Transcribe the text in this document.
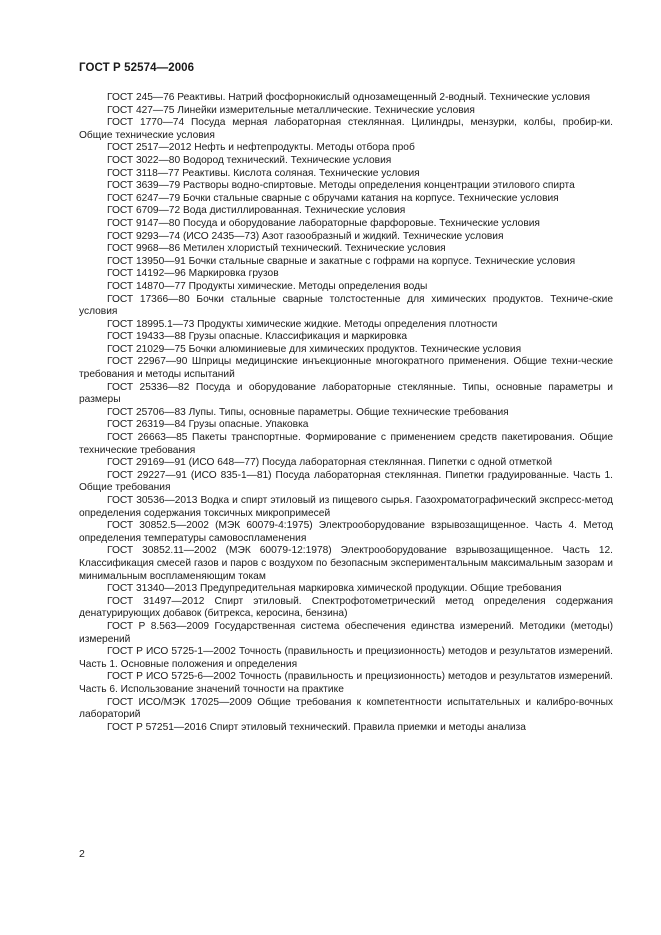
ГОСТ Р 52574—2006

ГОСТ 245—76 Реактивы. Натрий фосфорнокислый однозамещенный 2-водный. Технические условия

ГОСТ 427—75 Линейки измерительные металлические. Технические условия

ГОСТ 1770—74 Посуда мерная лабораторная стеклянная. Цилиндры, мензурки, колбы, пробир-ки. Общие технические условия

ГОСТ 2517—2012 Нефть и нефтепродукты. Методы отбора проб

ГОСТ 3022—80 Водород технический. Технические условия

ГОСТ 3118—77 Реактивы. Кислота соляная. Технические условия

ГОСТ 3639—79 Растворы водно-спиртовые. Методы определения концентрации этилового спирта

ГОСТ 6247—79 Бочки стальные сварные с обручами катания на корпусе. Технические условия

ГОСТ 6709—72 Вода дистиллированная. Технические условия

ГОСТ 9147—80 Посуда и оборудование лабораторные фарфоровые. Технические условия

ГОСТ 9293—74 (ИСО 2435—73) Азот газообразный и жидкий. Технические условия

ГОСТ 9968—86 Метилен хлористый технический. Технические условия

ГОСТ 13950—91 Бочки стальные сварные и закатные с гофрами на корпусе. Технические условия

ГОСТ 14192—96 Маркировка грузов

ГОСТ 14870—77 Продукты химические. Методы определения воды

ГОСТ 17366—80 Бочки стальные сварные толстостенные для химических продуктов. Техниче-ские условия

ГОСТ 18995.1—73 Продукты химические жидкие. Методы определения плотности

ГОСТ 19433—88 Грузы опасные. Классификация и маркировка

ГОСТ 21029—75 Бочки алюминиевые для химических продуктов. Технические условия

ГОСТ 22967—90 Шприцы медицинские инъекционные многократного применения. Общие техни-ческие требования и методы испытаний

ГОСТ 25336—82 Посуда и оборудование лабораторные стеклянные. Типы, основные параметры и размеры

ГОСТ 25706—83 Лупы. Типы, основные параметры. Общие технические требования

ГОСТ 26319—84 Грузы опасные. Упаковка

ГОСТ 26663—85 Пакеты транспортные. Формирование с применением средств пакетирования. Общие технические требования

ГОСТ 29169—91 (ИСО 648—77) Посуда лабораторная стеклянная. Пипетки с одной отметкой

ГОСТ 29227—91 (ИСО 835-1—81) Посуда лабораторная стеклянная. Пипетки градуированные. Часть 1. Общие требования

ГОСТ 30536—2013 Водка и спирт этиловый из пищевого сырья. Газохроматографический экспресс-метод определения содержания токсичных микропримесей

ГОСТ 30852.5—2002 (МЭК 60079-4:1975) Электрооборудование взрывозащищенное. Часть 4. Метод определения температуры самовоспламенения

ГОСТ 30852.11—2002 (МЭК 60079-12:1978) Электрооборудование взрывозащищенное. Часть 12. Классификация смесей газов и паров с воздухом по безопасным экспериментальным максимальным зазорам и минимальным воспламеняющим токам

ГОСТ 31340—2013 Предупредительная маркировка химической продукции. Общие требования

ГОСТ 31497—2012 Спирт этиловый. Спектрофотометрический метод определения содержания денатурирующих добавок (битрекса, керосина, бензина)

ГОСТ Р 8.563—2009 Государственная система обеспечения единства измерений. Методики (методы) измерений

ГОСТ Р ИСО 5725-1—2002 Точность (правильность и прецизионность) методов и результатов измерений. Часть 1. Основные положения и определения

ГОСТ Р ИСО 5725-6—2002 Точность (правильность и прецизионность) методов и результатов измерений. Часть 6. Использование значений точности на практике

ГОСТ ИСО/МЭК 17025—2009 Общие требования к компетентности испытательных и калибро-вочных лабораторий

ГОСТ Р 57251—2016 Спирт этиловый технический. Правила приемки и методы анализа

2
